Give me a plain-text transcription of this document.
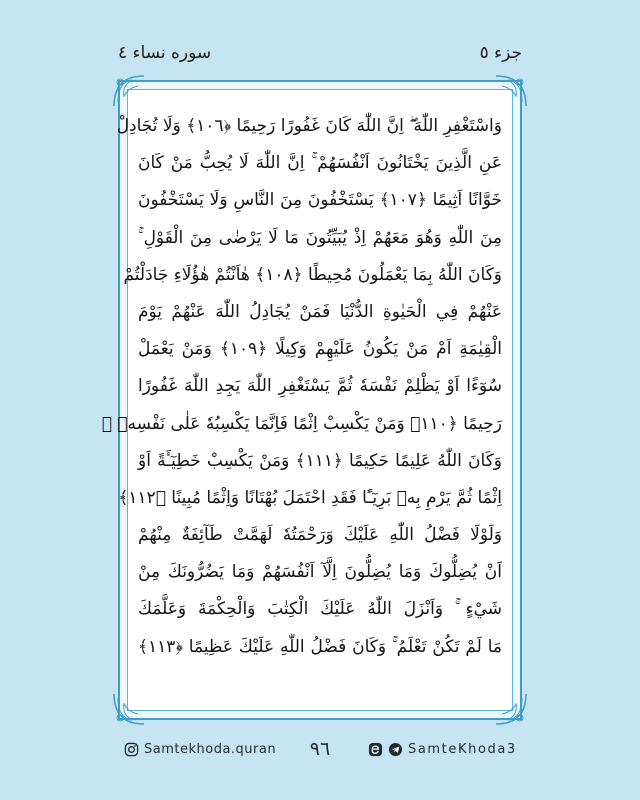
جزء ٥
سوره نساء ٤
وَاسْتَغْفِرِ اللّٰهَ ۖ اِنَّ اللّٰهَ كَانَ غَفُورًا رَحِيمًا ﴿١٠٦﴾ وَلَا تُجَادِلْ
عَنِ الَّذِينَ يَخْتَانُونَ اَنْفُسَهُمْ ۚ اِنَّ اللّٰهَ لَا يُحِبُّ مَنْ كَانَ
خَوَّانًا اَثِيمًا ﴿١٠٧﴾ يَسْتَخْفُونَ مِنَ النَّاسِ وَلَا يَسْتَخْفُونَ
مِنَ اللّٰهِ وَهُوَ مَعَهُمْ اِذْ يُبَيِّتُونَ مَا لَا يَرْضٰى مِنَ الْقَوْلِ ۚ
وَكَانَ اللّٰهُ بِمَا يَعْمَلُونَ مُحِيطًا ﴿١٠٨﴾ هٰاَنْتُمْ هٰؤُلَاءِ جَادَلْتُمْ
عَنْهُمْ فِي الْحَيٰوةِ الدُّنْيَا فَمَنْ يُجَادِلُ اللّٰهَ عَنْهُمْ يَوْمَ
الْقِيٰمَةِ اَمْ مَنْ يَكُونُ عَلَيْهِمْ وَكِيلًا ﴿١٠٩﴾ وَمَنْ يَعْمَلْ
سُوٓءًا اَوْ يَظْلِمْ نَفْسَهٗ ثُمَّ يَسْتَغْفِرِ اللّٰهَ يَجِدِ اللّٰهَ غَفُورًا
رَحِيمًا ﴿١١٠﴾ وَمَنْ يَكْسِبْ اِثْمًا فَاِنَّمَا يَكْسِبُهٗ عَلٰى نَفْسِهٖ ۚ
وَكَانَ اللّٰهُ عَلِيمًا حَكِيمًا ﴿١١١﴾ وَمَنْ يَكْسِبْ خَطِيٓـَٔةً اَوْ
اِثْمًا ثُمَّ يَرْمِ بِهٖ بَرِيٓـًٔا فَقَدِ احْتَمَلَ بُهْتَانًا وَاِثْمًا مُبِينًا ﴿١١٢﴾
وَلَوْلَا فَضْلُ اللّٰهِ عَلَيْكَ وَرَحْمَتُهٗ لَهَمَّتْ طَآئِفَةٌ مِنْهُمْ
اَنْ يُضِلُّوكَ وَمَا يُضِلُّونَ اِلَّآ اَنْفُسَهُمْ وَمَا يَضُرُّونَكَ مِنْ
شَيْءٍ ۚ وَاَنْزَلَ اللّٰهُ عَلَيْكَ الْكِتٰبَ وَالْحِكْمَةَ وَعَلَّمَكَ
مَا لَمْ تَكُنْ تَعْلَمُ ۚ وَكَانَ فَضْلُ اللّٰهِ عَلَيْكَ عَظِيمًا ﴿١١٣﴾
Samtekhoda.quran	٩٦	SamteKhoda3
